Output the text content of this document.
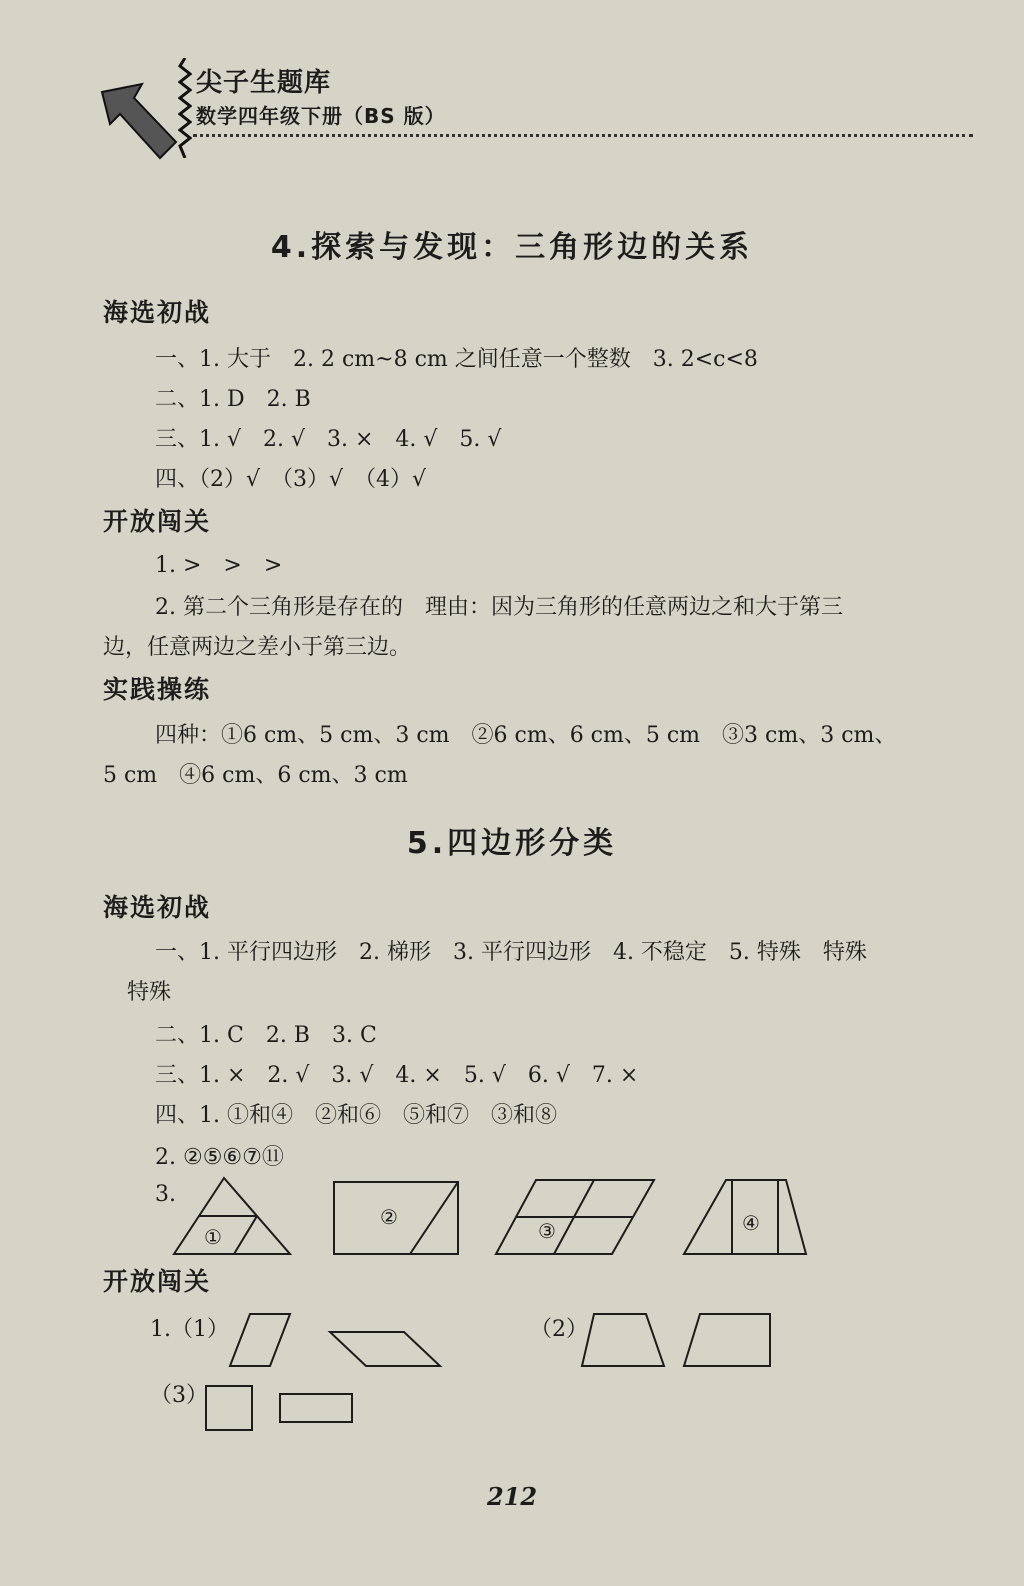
尖子生题库
数学四年级下册（BS 版）
4.探索与发现：三角形边的关系
海选初战
一、1. 大于　2. 2 cm~8 cm 之间任意一个整数　3. 2<c<8
二、1. D　2. B
三、1. √　2. √　3. ×　4. √　5. √
四、（2）√　（3）√　（4）√
开放闯关
1. >　>　>
2. 第二个三角形是存在的　理由：因为三角形的任意两边之和大于第三
边，任意两边之差小于第三边。
实践操练
四种：①6 cm、5 cm、3 cm　②6 cm、6 cm、5 cm　③3 cm、3 cm、
5 cm　④6 cm、6 cm、3 cm
5.四边形分类
海选初战
一、1. 平行四边形　2. 梯形　3. 平行四边形　4. 不稳定　5. 特殊　特殊
特殊
二、1. C　2. B　3. C
三、1. ×　2. √　3. √　4. ×　5. √　6. √　7. ×
四、1. ①和④　②和⑥　⑤和⑦　③和⑧
2. ②⑤⑥⑦⑪
3.
①
②
③	④
开放闯关
1.（1）	（2）
（3）
212
